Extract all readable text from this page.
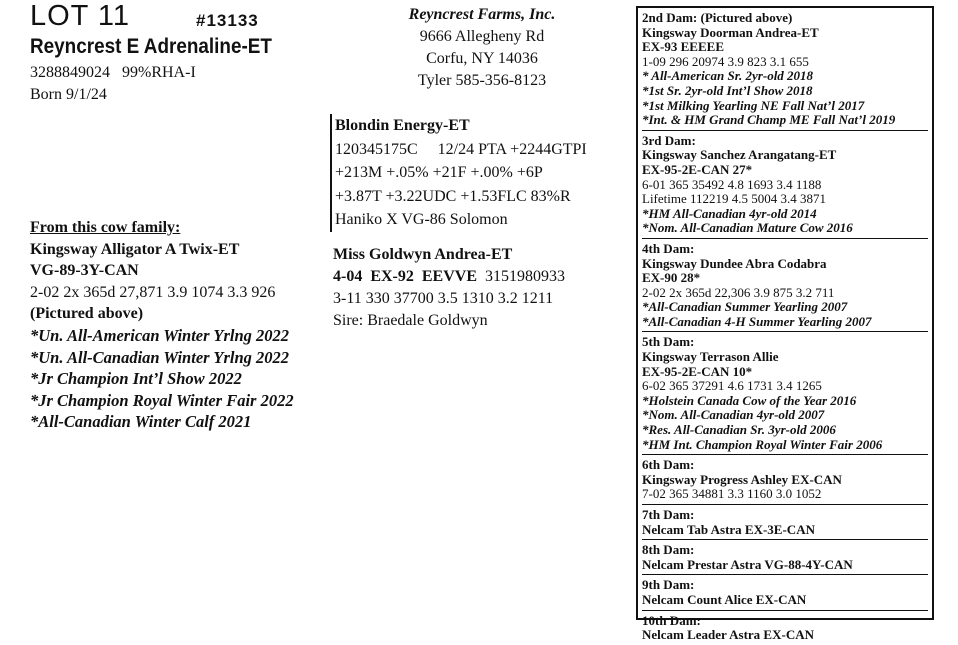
LOT 11	#13133
Reyncrest E Adrenaline-ET
3288849024   99%RHA-I
Born 9/1/24
Reyncrest Farms, Inc.
9666 Allegheny Rd
Corfu, NY 14036
Tyler 585-356-8123
Blondin Energy-ET
120345175C     12/24 PTA +2244GTPI
+213M +.05% +21F +.00% +6P
+3.87T +3.22UDC +1.53FLC 83%R
Haniko X VG-86 Solomon
Miss Goldwyn Andrea-ET
4-04  EX-92  EEVVE  3151980933
3-11 330 37700 3.5 1310 3.2 1211
Sire: Braedale Goldwyn
From this cow family:
Kingsway Alligator A Twix-ET
VG-89-3Y-CAN
2-02 2x 365d 27,871 3.9 1074 3.3 926
(Pictured above)
*Un. All-American Winter Yrlng 2022
*Un. All-Canadian Winter Yrlng 2022
*Jr Champion Int’l Show 2022
*Jr Champion Royal Winter Fair 2022
*All-Canadian Winter Calf 2021
2nd Dam: (Pictured above)
Kingsway Doorman Andrea-ET
EX-93 EEEEE
1-09 296 20974 3.9 823 3.1 655
* All-American Sr. 2yr-old 2018
*1st Sr. 2yr-old Int’l Show 2018
*1st Milking Yearling NE Fall Nat’l 2017
*Int. & HM Grand Champ ME Fall Nat’l 2019
3rd Dam:
Kingsway Sanchez Arangatang-ET
EX-95-2E-CAN 27*
6-01 365 35492 4.8 1693 3.4 1188
Lifetime 112219 4.5 5004 3.4 3871
*HM All-Canadian 4yr-old 2014
*Nom. All-Canadian Mature Cow 2016
4th Dam:
Kingsway Dundee Abra Codabra
EX-90 28*
2-02 2x 365d 22,306 3.9 875 3.2 711
*All-Canadian Summer Yearling 2007
*All-Canadian 4-H Summer Yearling 2007
5th Dam:
Kingsway Terrason Allie
EX-95-2E-CAN 10*
6-02 365 37291 4.6 1731 3.4 1265
*Holstein Canada Cow of the Year 2016
*Nom. All-Canadian 4yr-old 2007
*Res. All-Canadian Sr. 3yr-old 2006
*HM Int. Champion Royal Winter Fair 2006
6th Dam:
Kingsway Progress Ashley EX-CAN
7-02 365 34881 3.3 1160 3.0 1052
7th Dam:
Nelcam Tab Astra EX-3E-CAN
8th Dam:
Nelcam Prestar Astra VG-88-4Y-CAN
9th Dam:
Nelcam Count Alice EX-CAN
10th Dam:
Nelcam Leader Astra EX-CAN
